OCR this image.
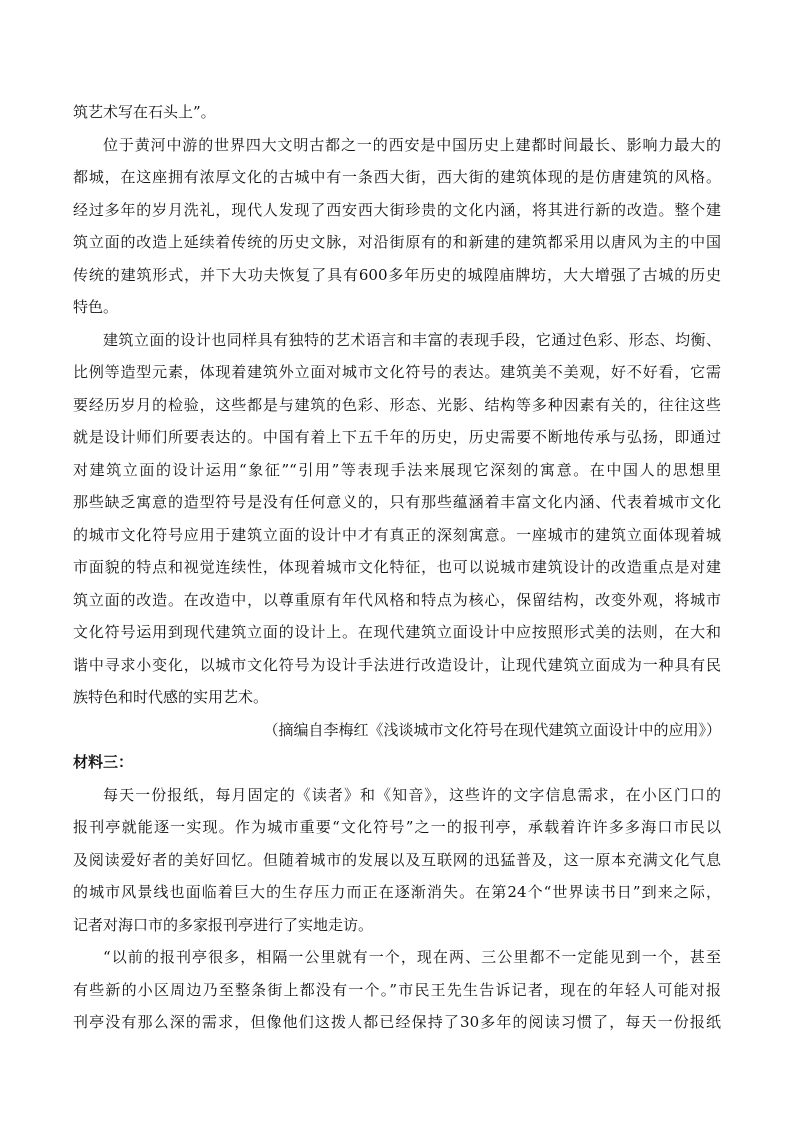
筑艺术写在石头上”。
位于黄河中游的世界四大文明古都之一的西安是中国历史上建都时间最长、影响力最大的
都城，在这座拥有浓厚文化的古城中有一条西大街，西大街的建筑体现的是仿唐建筑的风格。
经过多年的岁月洗礼，现代人发现了西安西大街珍贵的文化内涵，将其进行新的改造。整个建
筑立面的改造上延续着传统的历史文脉，对沿街原有的和新建的建筑都采用以唐风为主的中国
传统的建筑形式，并下大功夫恢复了具有600多年历史的城隍庙牌坊，大大增强了古城的历史
特色。
建筑立面的设计也同样具有独特的艺术语言和丰富的表现手段，它通过色彩、形态、均衡、
比例等造型元素，体现着建筑外立面对城市文化符号的表达。建筑美不美观，好不好看，它需
要经历岁月的检验，这些都是与建筑的色彩、形态、光影、结构等多种因素有关的，往往这些
就是设计师们所要表达的。中国有着上下五千年的历史，历史需要不断地传承与弘扬，即通过
对建筑立面的设计运用“象征”“引用”等表现手法来展现它深刻的寓意。在中国人的思想里
那些缺乏寓意的造型符号是没有任何意义的，只有那些蕴涵着丰富文化内涵、代表着城市文化
的城市文化符号应用于建筑立面的设计中才有真正的深刻寓意。一座城市的建筑立面体现着城
市面貌的特点和视觉连续性，体现着城市文化特征，也可以说城市建筑设计的改造重点是对建
筑立面的改造。在改造中，以尊重原有年代风格和特点为核心，保留结构，改变外观，将城市
文化符号运用到现代建筑立面的设计上。在现代建筑立面设计中应按照形式美的法则，在大和
谐中寻求小变化，以城市文化符号为设计手法进行改造设计，让现代建筑立面成为一种具有民
族特色和时代感的实用艺术。
（摘编自李梅红《浅谈城市文化符号在现代建筑立面设计中的应用》）
材料三：
每天一份报纸，每月固定的《读者》和《知音》，这些许的文字信息需求，在小区门口的
报刊亭就能逐一实现。作为城市重要“文化符号”之一的报刊亭，承载着许许多多海口市民以
及阅读爱好者的美好回忆。但随着城市的发展以及互联网的迅猛普及，这一原本充满文化气息
的城市风景线也面临着巨大的生存压力而正在逐渐消失。在第24个“世界读书日”到来之际，
记者对海口市的多家报刊亭进行了实地走访。
“以前的报刊亭很多，相隔一公里就有一个，现在两、三公里都不一定能见到一个，甚至
有些新的小区周边乃至整条街上都没有一个。”市民王先生告诉记者，现在的年轻人可能对报
刊亭没有那么深的需求，但像他们这拨人都已经保持了30多年的阅读习惯了，每天一份报纸
